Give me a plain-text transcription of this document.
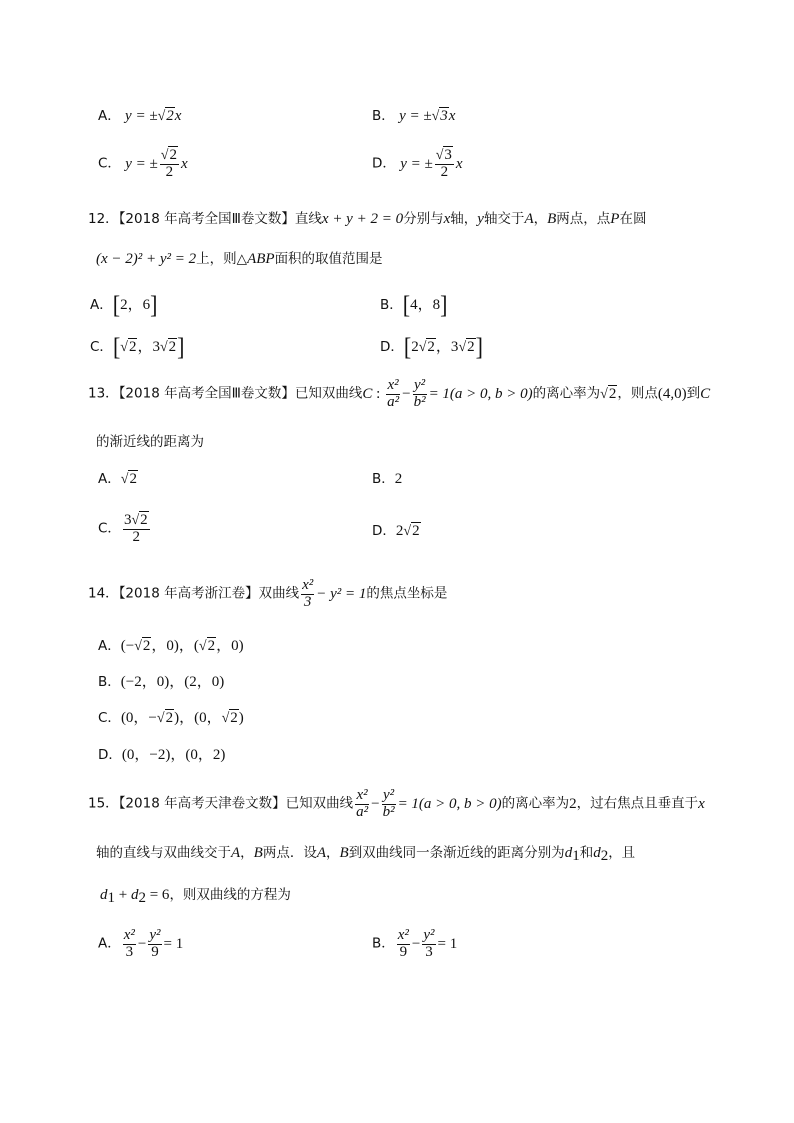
A． y = ±√2x	B． y = ±√3x
C． y = ± $\frac{√2}{2}$ x	D． y = ± $\frac{√3}{2}$ x
12．【2018 年高考全国Ⅲ卷文数】直线x + y + 2 = 0分别与x轴，y轴交于A，B两点，点P在圆
(x − 2)² + y² = 2上，则△ABP面积的取值范围是
A．[2，6]	B．[4，8]
C．[√2，3√2]	D．[2√2，3√2]
13．【2018 年高考全国Ⅲ卷文数】已知双曲线C : $\frac{\text{x²}}{\text{a²}} - \frac{\text{y²}}{\text{b²}} = 1(a > 0$, b > 0)的离心率为√2，则点(4,0)到C
的渐近线的距离为
A．√2	B．2
C． $\frac{3√2}{2}$	D．2√2
14．【2018 年高考浙江卷】双曲线 $\frac{\text{x²}}{3} - y^2 = 1$的焦点坐标是
A．(−√2，0)，(√2，0)
B．(−2，0)，(2，0)
C．(0，−√2)，(0，√2)
D．(0，−2)，(0，2)
15．【2018 年高考天津卷文数】已知双曲线 $\frac{\text{x²}}{\text{a²}} - \frac{\text{y²}}{\text{b²}} = 1(a > 0$, b > 0)的离心率为2，过右焦点且垂直于x
轴的直线与双曲线交于A，B两点．设A，B到双曲线同一条渐近线的距离分别为$d_1$和$d_2$，且
$d_1 + d_2 = 6$，则双曲线的方程为
A． $\frac{\text{x²}}{3} - \frac{\text{y²}}{9} = 1$	B． $\frac{\text{x²}}{9} - \frac{\text{y²}}{3} = 1$
